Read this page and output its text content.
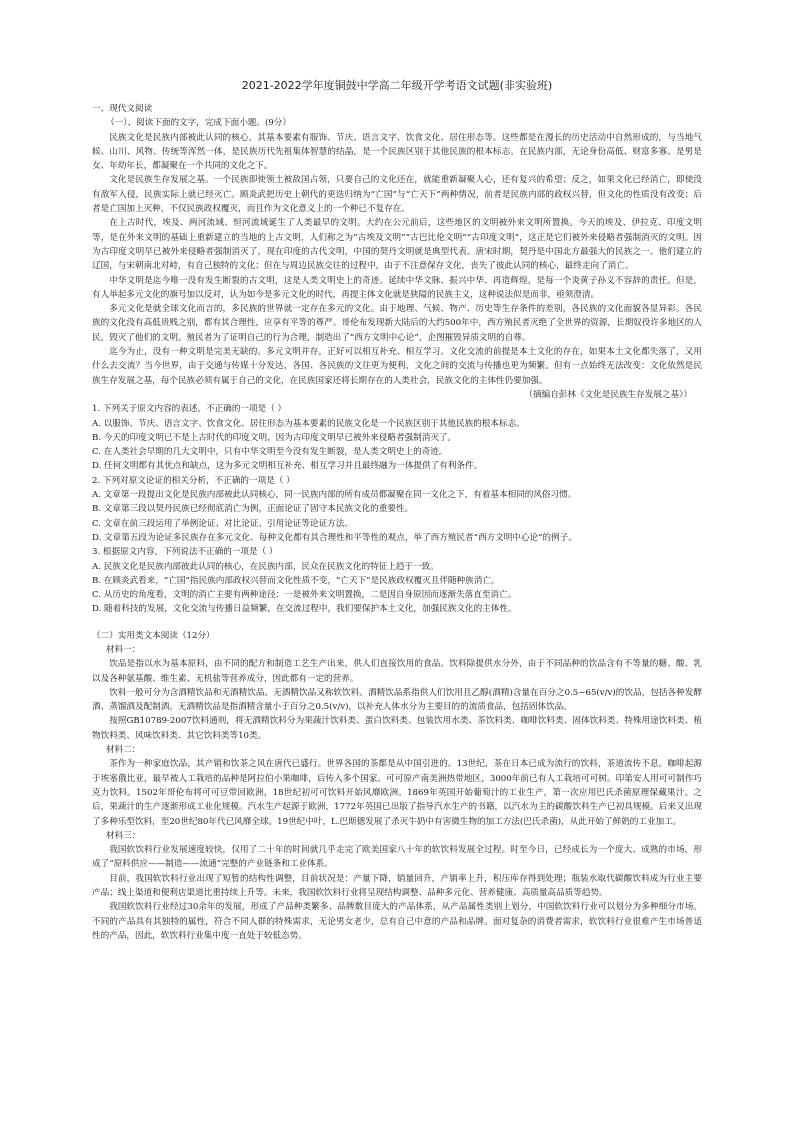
2021-2022学年度铜鼓中学高二年级开学考语文试题(非实验班)

一、现代文阅读

（一）、阅读下面的文字，完成下面小题。(9分）

民族文化是民族内部被此认同的核心，其基本要素有服饰、节庆、语言文字、饮食文化、居住形态等。这些都是在漫长的历史活动中自然形成的，与当地气候、山川、风物、传统等浑然一体，是民族历代先祖集体智慧的结晶，是一个民族区别于其他民族的根本标志。在民族内部，无论身份高低、财富多寡、是男是女、年幼年长，都凝聚在一个共同的文化之下。

文化是民族生存发展之基。一个民族即使领土被敌国占领，只要自己的文化还在，就能重新凝聚人心，还有复兴的希望；反之，如果文化已经消亡，即使没有敌军入侵，民族实际上就已经灭亡。顾炎武把历史上朝代的更迭归纳为“亡国”与“亡天下”两种情况，前者是民族内部的政权兴替，但文化的性质没有改变；后者是亡国加上灭种，不仅民族政权覆灭，而且作为文化意义上的一个种已不复存在。

在上古时代，埃及、两河流域、恒河流域诞生了人类最早的文明。大约在公元前后，这些地区的文明被外来文明所置换。今天的埃及、伊拉克、印度文明等，是在外来文明的基础上重新建立的当地的上古文明，人们称之为“古埃及文明”“古巴比伦文明”“古印度文明”，这正是它们被外来侵略者强制消灭的文明。因为古印度文明早已被外来侵略者强制消灭了，现在印度的古代文明，中国的契丹文明就是典型代表。唐宋时期，契丹是中国北方最强大的民族之一。他们建立的辽国，与宋朝南北对峙，有自己独特的文化；但在与周边民族交往的过程中，由于不注意保存文化，丧失了彼此认同的核心，最终走向了消亡。

中华文明是迄今唯一没有发生断裂的古文明，这是人类文明史上的奇迹。延续中华文脉、振兴中华、再造辉煌，是每一个炎黄子孙义不容辞的责任。但是，有人举起多元文化的旗号加以反对，认为如今是多元文化的时代，再提主体文化就是狭隘的民族主义，这种说法似是而非，亟须澄清。

多元文化是就全球文化而言的，多民族的世界就一定存在多元的文化。由于地理、气候、物产、历史等生存条件的差别，各民族的文化面貌各显异彩。各民族的文化没有高低贵贱之别，都有其合理性，应享有平等的尊严。哥伦布发现新大陆后的大约500年中，西方殖民者灭绝了全世界的资源，长期奴役许多地区的人民，毁灭了他们的文明。殖民者为了证明自己的行为合理，制造出了“西方文明中心论”，企图摧毁异质文明的自尊。

迄今为止，没有一种文明是完美无缺的。多元文明并存，正好可以相互补充、相互学习。文化交流的前提是本土文化的存在，如果本土文化都失落了，又用什么去交流？当今世界，由于交通与传媒十分发达，各国、各民族的文往更为便利，文化之间的交流与传播也更为频繁。但有一点始终无法改变：文化依然是民族生存发展之基，每个民族必须有属于自己的文化，在民族国家还将长期存在的人类社会，民族文化的主体性仍要加强。

（摘编自彭林《文化是民族生存发展之基》）

1. 下列关于原文内容的表述，不正确的一项是（ ）

A. 以服饰、节庆、语言文字、饮食文化、居住形态为基本要素的民族文化是一个民族区别于其他民族的根本标志。

B. 今天的印度文明已不是上古时代的印度文明，因为古印度文明早已被外来侵略者强制消灭了。

C. 在人类社会早期的几大文明中，只有中华文明至今没有发生断裂，是人类文明史上的奇迹。

D. 任何文明都有其优点和缺点，这为多元文明相互补充、相互学习并且最终融为一体提供了有利条件。

2. 下列对原文论证的相关分析，不正确的一项是（ ）

A. 文章第一段提出文化是民族内部被此认同核心，同一民族内部的所有成员都凝聚在同一文化之下，有着基本相同的风俗习惯。

B. 文章第三段以契丹民族已经彻底消亡为例，正面论证了固守本民族文化的重要性。

C. 文章在前三段运用了举例论证、对比论证、引用论证等论证方法。

D. 文章第五段为论证多民族存在多元文化、每种文化都有其合理性和平等性的观点，举了西方殖民者“西方文明中心论”的例子。

3. 根据原文内容，下列说法不正确的一项是（ ）

A. 民族文化是民族内部彼此认同的核心，在民族内部，民众在民族文化的特征上趋于一致。

B. 在顾炎武看来，“亡国”指民族内部政权兴替而文化性质不变，“亡天下”是民族政权覆灭且伴随种族消亡。

C. 从历史的角度看，文明的消亡主要有两种途径：一是被外来文明置换，二是因自身原因而逐渐失落直至消亡。

D. 随着科技的发展，文化交流与传播日益频繁，在交流过程中，我们要保护本土文化，加强民族文化的主体性。

（二）实用类文本阅读（12分）

材料一：

饮品是指以水为基本原料，由不同的配方和制造工艺生产出来，供人们直接饮用的食品。饮料除提供水分外，由于不同品种的饮品含有不等量的糖、酸、乳以及各种氨基酸、维生素、无机盐等营养成分，因此都有一定的营养。

饮料一般可分为含酒精饮品和无酒精饮品。无酒精饮品又称软饮料。酒精饮品系指供人们饮用且乙醇(酒精)含量在百分之0.5~65(v/v)的饮品，包括各种发酵酒、蒸馏酒及配制酒。无酒精饮品是指酒精含量小于百分之0.5(v/v)，以补充人体水分为主要目的的流质食品，包括固体饮品。

按照GB10789-2007饮料通则，将无酒精饮料分为果蔬汁饮料类、蛋白饮料类、包装饮用水类、茶饮料类、咖啡饮料类、固体饮料类、特殊用途饮料类、植物饮料类、风味饮料类、其它饮料类等10类。

材料二：

茶作为一种家庭饮品，其产销和饮茶之风在唐代已盛行。世界各国的茶都是从中国引进的。13世纪，茶在日本已成为流行的饮料，茶道流传不息。咖啡起源于埃塞俄比亚，最早被人工栽培的品种是阿拉伯小果咖啡，后传入多个国家。可可原产南美洲热带地区，3000年前已有人工栽培可可树。印第安人用可可制作巧克力饮料。1502年哥伦布将可可豆带回欧洲，18世纪初可可饮料开始风靡欧洲。1869年英国开始葡萄汁的工业生产，第一次应用巴氏杀菌原理保藏果汁。之后，果蔬汁的生产逐渐形成工业化规模。汽水生产起源于欧洲，1772年英国已出版了指导汽水生产的书籍，以汽水为主的碳酸饮料生产已初具规模。后来又出现了多种乐型饮料，至20世纪80年代已风靡全球。19世纪中叶，L.巴斯德发展了杀灭牛奶中有害微生物的加工方法(巴氏杀菌)，从此开始了鲜奶的工业加工。

材料三：

我国软饮料行业发展速度较快，仅用了二十年的时间就几乎走完了欧美国家八十年的软饮料发展全过程。时至今日，已经成长为一个庞大、成熟的市场，形成了“原料供应——制造——流通”完整的产业链条和工业体系。

目前，我国软饮料行业出现了短暂的结构性调整，目前状况是：产量下降，销量回升，产销率上升，积压库存得到处理；瓶装水取代碳酸饮料成为行业主要产品；线上渠道和便利店渠道比重持续上升等。未来，我国软饮料行业将呈现结构调整、品种多元化、营养健康、高质量高品质等趋势。

我国软饮料行业经过30余年的发展，形成了产品种类繁多、品牌数目庞大的产品体系，从产品属性类别上划分，中国软饮料行业可以划分为多种细分市场。不同的产品具有其独特的属性，符合不同人群的特殊需求，无论男女老少，总有自己中意的产品和品牌。面对复杂的消费者需求，软饮料行业很难产生市场普适性的产品，因此，软饮料行业集中度一直处于较低态势。
